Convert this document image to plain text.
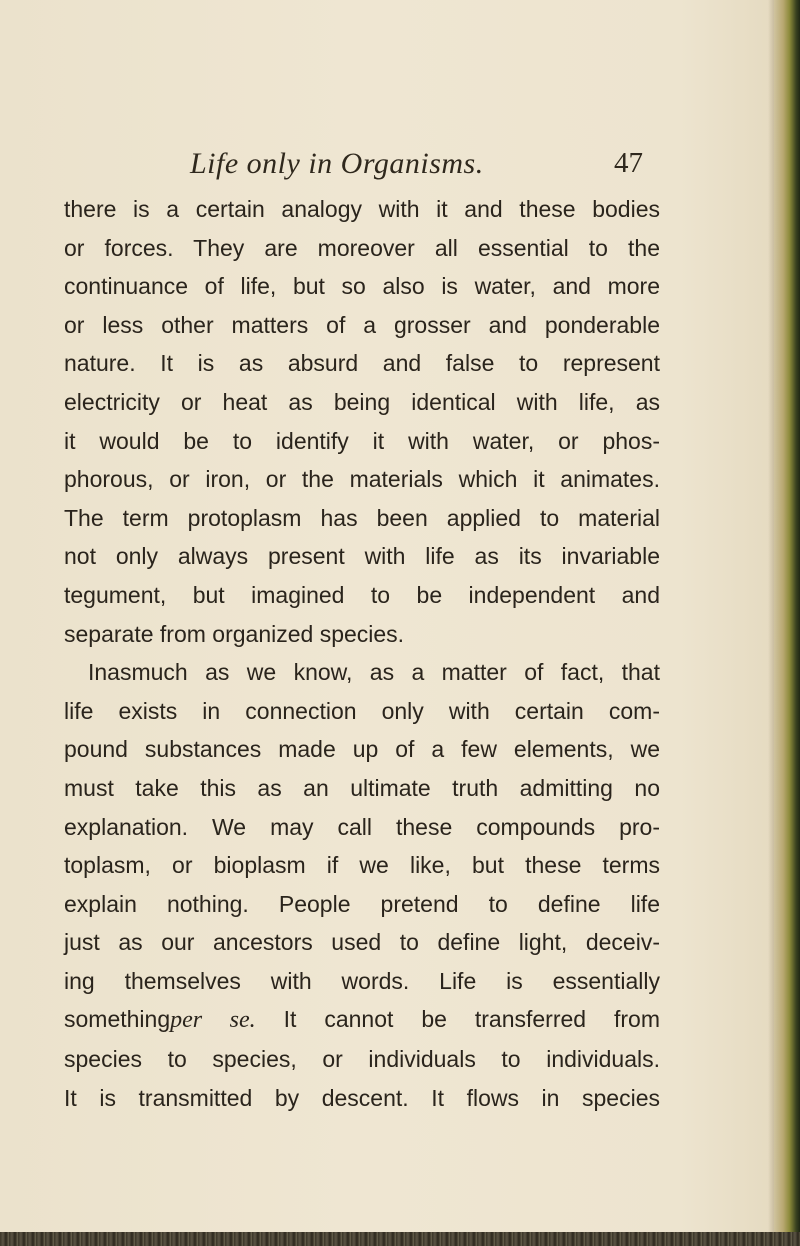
Life only in Organisms.	47
there is a certain analogy with it and these bodies
or forces. They are moreover all essential to the
continuance of life, but so also is water, and more
or less other matters of a grosser and ponderable
nature. It is as absurd and false to represent
electricity or heat as being identical with life, as
it would be to identify it with water, or phos-
phorous, or iron, or the materials which it animates.
The term protoplasm has been applied to material
not only always present with life as its invariable
tegument, but imagined to be independent and
separate from organized species.
Inasmuch as we know, as a matter of fact, that
life exists in connection only with certain com-
pound substances made up of a few elements, we
must take this as an ultimate truth admitting no
explanation. We may call these compounds pro-
toplasm, or bioplasm if we like, but these terms
explain nothing. People pretend to define life
just as our ancestors used to define light, deceiv-
ing themselves with words. Life is essentially
somethingper se. It cannot be transferred from
species to species, or individuals to individuals.
It is transmitted by descent. It flows in species
